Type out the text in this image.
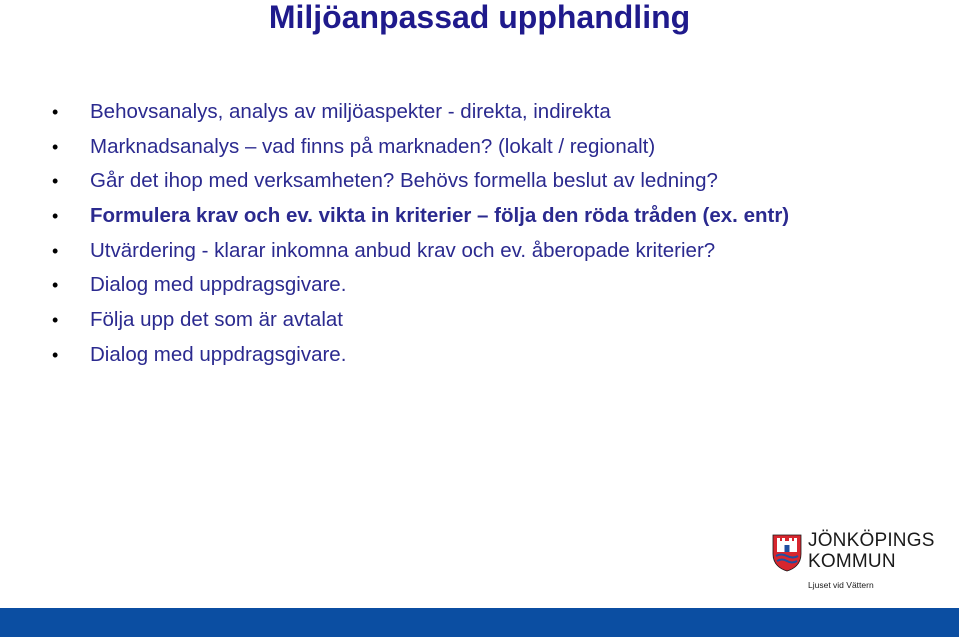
Miljöanpassad upphandling
• Behovsanalys, analys av miljöaspekter - direkta, indirekta
• Marknadsanalys – vad finns på marknaden? (lokalt / regionalt)
• Går det ihop med verksamheten? Behövs formella beslut av ledning?
• Formulera krav och ev. vikta in kriterier – följa den röda tråden (ex. entr)
• Utvärdering - klarar inkomna anbud krav och ev. åberopade kriterier?
• Dialog med uppdragsgivare.
• Följa upp det som är avtalat
• Dialog med uppdragsgivare.
JÖNKÖPINGS
KOMMUN
Ljuset vid Vättern
